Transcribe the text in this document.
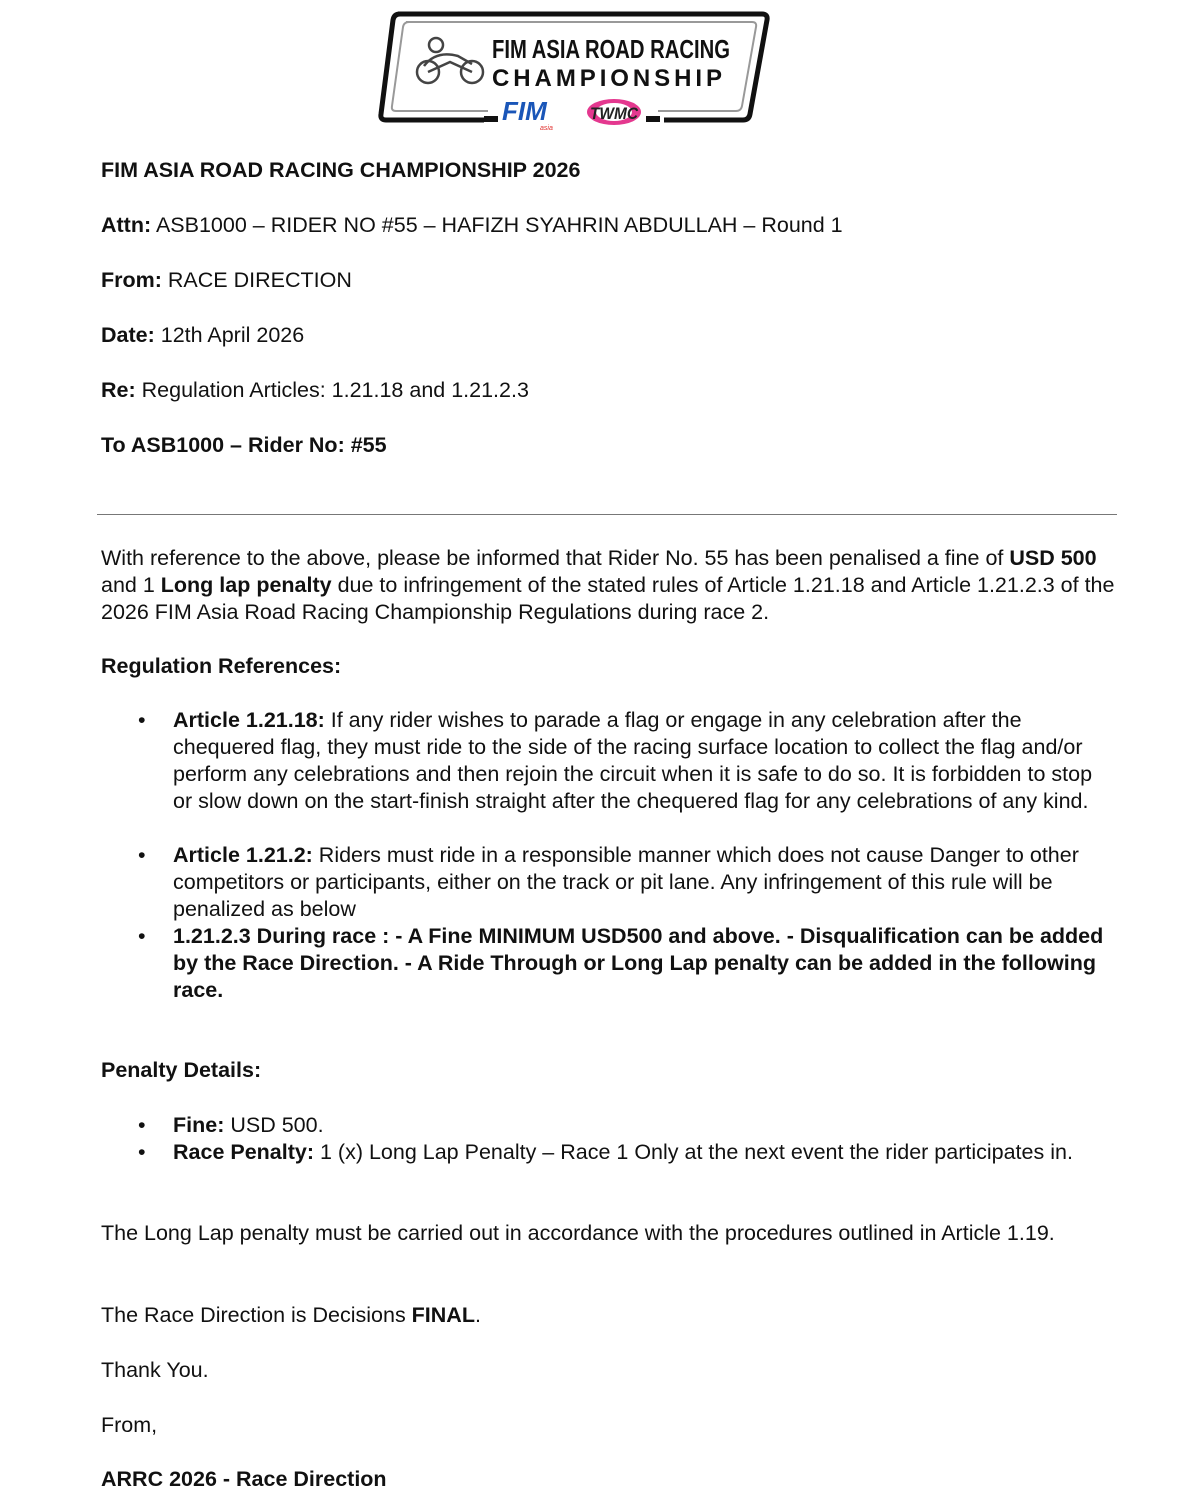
FIM ASIA ROAD RACING
CHAMPIONSHIP
FIM
asia
TWMC
FIM ASIA ROAD RACING CHAMPIONSHIP 2026
Attn: ASB1000 – RIDER NO #55 – HAFIZH SYAHRIN ABDULLAH – Round 1
From: RACE DIRECTION
Date: 12th April 2026
Re: Regulation Articles: 1.21.18 and 1.21.2.3
To ASB1000 – Rider No: #55
With reference to the above, please be informed that Rider No. 55 has been penalised a fine of USD 500 and 1 Long lap penalty due to infringement of the stated rules of Article 1.21.18 and Article 1.21.2.3 of the 2026 FIM Asia Road Racing Championship Regulations during race 2.
Regulation References:
• Article 1.21.18: If any rider wishes to parade a flag or engage in any celebration after the chequered flag, they must ride to the side of the racing surface location to collect the flag and/or perform any celebrations and then rejoin the circuit when it is safe to do so. It is forbidden to stop or slow down on the start-finish straight after the chequered flag for any celebrations of any kind.
• Article 1.21.2: Riders must ride in a responsible manner which does not cause Danger to other competitors or participants, either on the track or pit lane. Any infringement of this rule will be penalized as below
• 1.21.2.3 During race : - A Fine MINIMUM USD500 and above. - Disqualification can be added by the Race Direction. - A Ride Through or Long Lap penalty can be added in the following race.
Penalty Details:
• Fine: USD 500.
• Race Penalty: 1 (x) Long Lap Penalty – Race 1 Only at the next event the rider participates in.
The Long Lap penalty must be carried out in accordance with the procedures outlined in Article 1.19.
The Race Direction is Decisions FINAL.
Thank You.
From,
ARRC 2026 - Race Direction
